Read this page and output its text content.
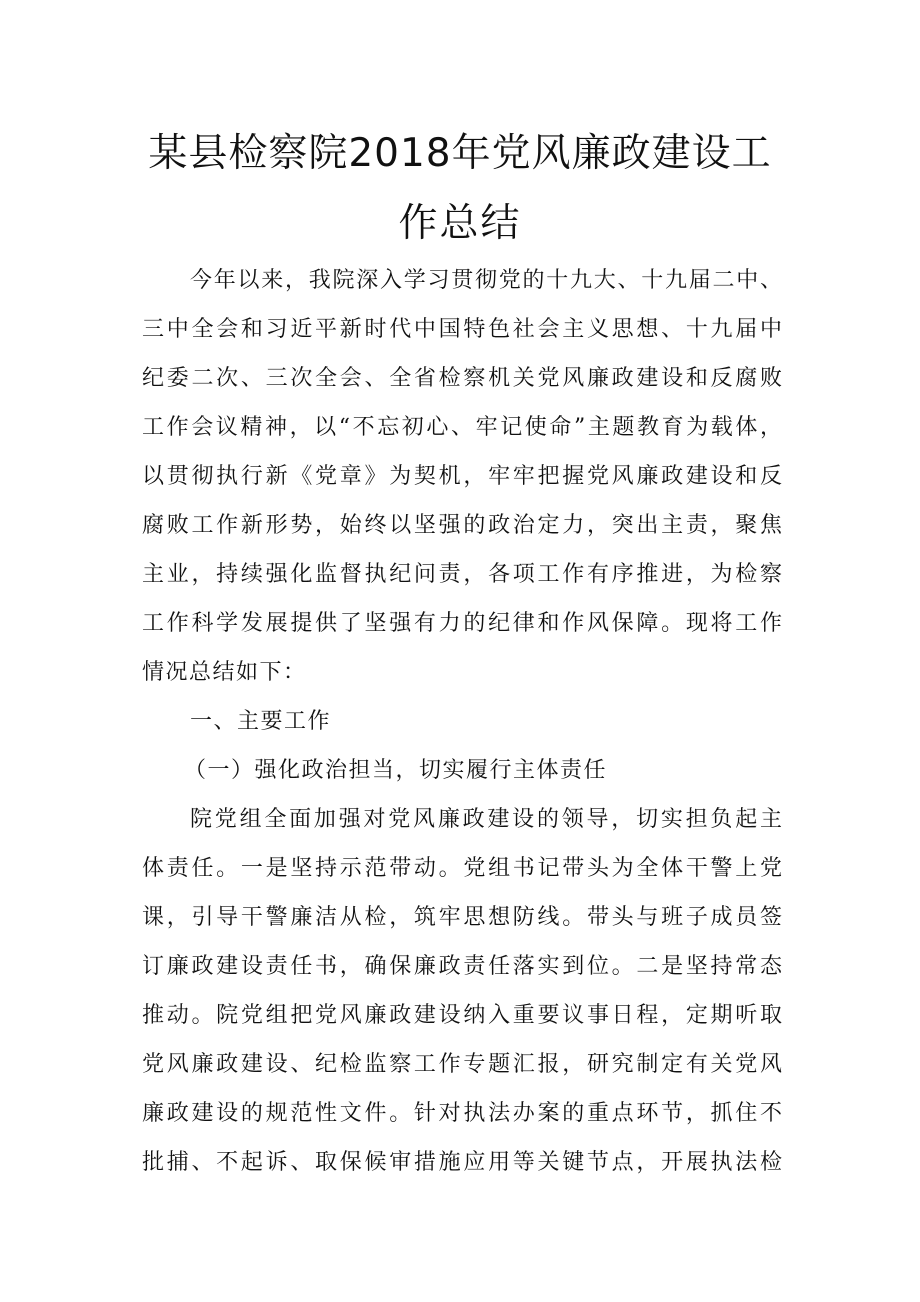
某县检察院2018年党风廉政建设工
作总结
今年以来，我院深入学习贯彻党的十九大、十九届二中、
三中全会和习近平新时代中国特色社会主义思想、十九届中
纪委二次、三次全会、全省检察机关党风廉政建设和反腐败
工作会议精神，以“不忘初心、牢记使命”主题教育为载体，
以贯彻执行新《党章》为契机，牢牢把握党风廉政建设和反
腐败工作新形势，始终以坚强的政治定力，突出主责，聚焦
主业，持续强化监督执纪问责，各项工作有序推进，为检察
工作科学发展提供了坚强有力的纪律和作风保障。现将工作
情况总结如下：
一、主要工作
（一）强化政治担当，切实履行主体责任
院党组全面加强对党风廉政建设的领导，切实担负起主
体责任。一是坚持示范带动。党组书记带头为全体干警上党
课，引导干警廉洁从检，筑牢思想防线。带头与班子成员签
订廉政建设责任书，确保廉政责任落实到位。二是坚持常态
推动。院党组把党风廉政建设纳入重要议事日程，定期听取
党风廉政建设、纪检监察工作专题汇报，研究制定有关党风
廉政建设的规范性文件。针对执法办案的重点环节，抓住不
批捕、不起诉、取保候审措施应用等关键节点，开展执法检
